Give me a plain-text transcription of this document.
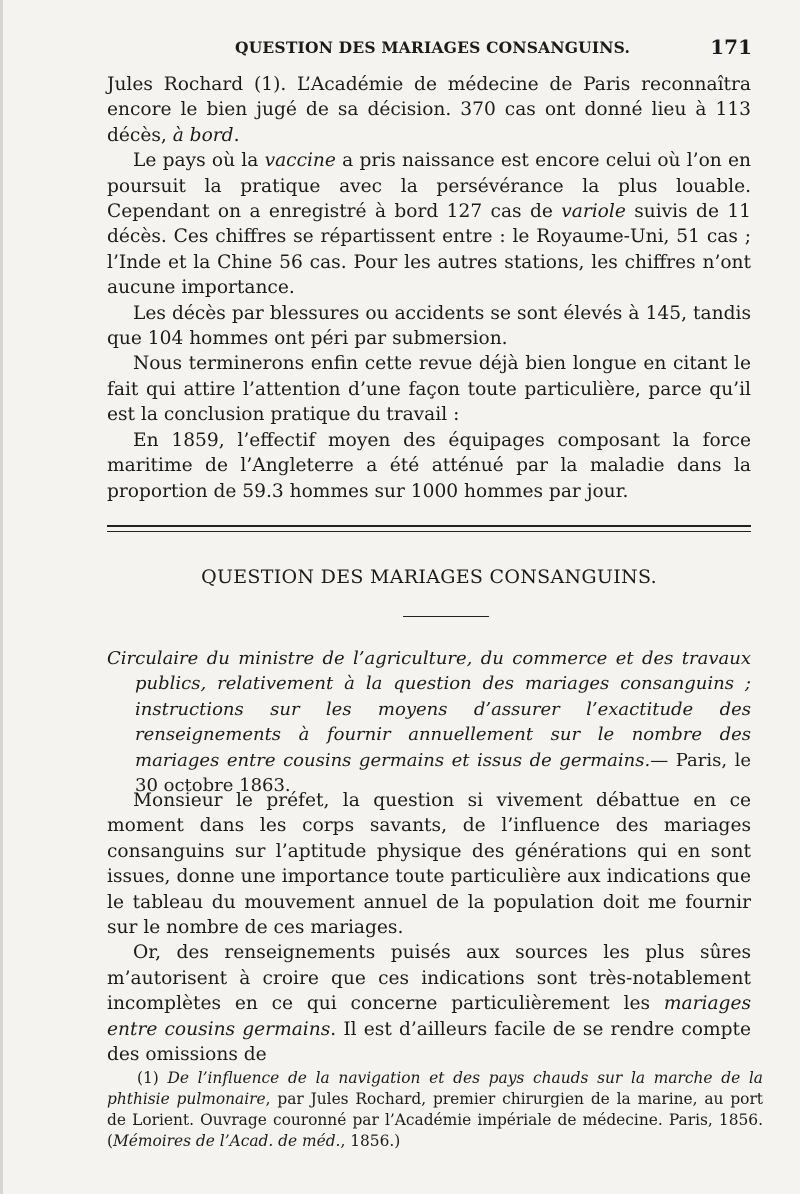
QUESTION DES MARIAGES CONSANGUINS.	171

Jules Rochard (1). L’Académie de médecine de Paris reconnaîtra encore le bien jugé de sa décision. 370 cas ont donné lieu à 113 décès, à bord.

Le pays où la vaccine a pris naissance est encore celui où l’on en poursuit la pratique avec la persévérance la plus louable. Cependant on a enregistré à bord 127 cas de variole suivis de 11 décès. Ces chiffres se répartissent entre : le Royaume-Uni, 51 cas ; l’Inde et la Chine 56 cas. Pour les autres stations, les chiffres n’ont aucune importance.

Les décès par blessures ou accidents se sont élevés à 145, tandis que 104 hommes ont péri par submersion.

Nous terminerons enfin cette revue déjà bien longue en citant le fait qui attire l’attention d’une façon toute particulière, parce qu’il est la conclusion pratique du travail :

En 1859, l’effectif moyen des équipages composant la force maritime de l’Angleterre a été atténué par la maladie dans la proportion de 59.3 hommes sur 1000 hommes par jour.

QUESTION DES MARIAGES CONSANGUINS.
Circulaire du ministre de l’agriculture, du commerce et des travaux publics, relativement à la question des mariages consanguins ; instructions sur les moyens d’assurer l’exactitude des renseignements à fournir annuellement sur le nombre des mariages entre cousins germains et issus de germains.— Paris, le 30 octobre 1863.

Monsieur le préfet, la question si vivement débattue en ce moment dans les corps savants, de l’influence des mariages consanguins sur l’aptitude physique des générations qui en sont issues, donne une importance toute particulière aux indications que le tableau du mouvement annuel de la population doit me fournir sur le nombre de ces mariages.

Or, des renseignements puisés aux sources les plus sûres m’autorisent à croire que ces indications sont très-notablement incomplètes en ce qui concerne particulièrement les mariages entre cousins germains. Il est d’ailleurs facile de se rendre compte des omissions de

(1) De l’influence de la navigation et des pays chauds sur la marche de la phthisie pulmonaire, par Jules Rochard, premier chirurgien de la marine, au port de Lorient. Ouvrage couronné par l’Académie impériale de médecine. Paris, 1856. (Mémoires de l’Acad. de méd., 1856.)
